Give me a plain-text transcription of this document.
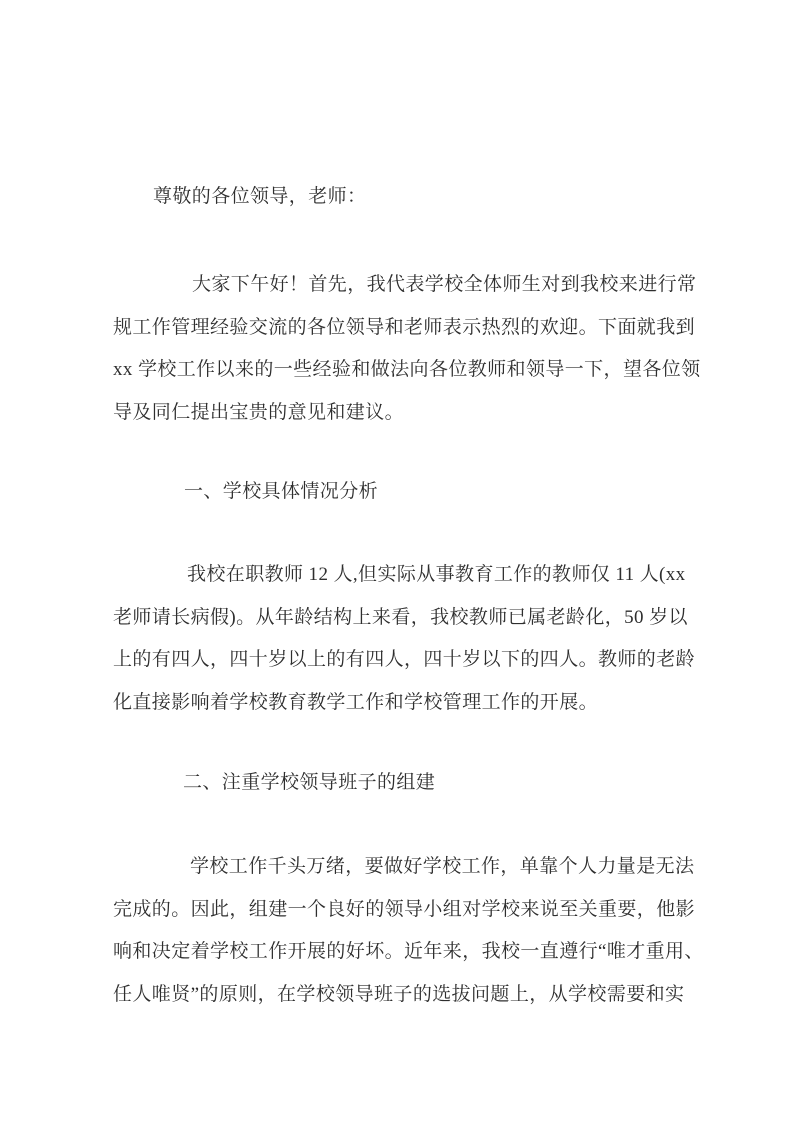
尊敬的各位领导，老师：
大家下午好！首先，我代表学校全体师生对到我校来进行常
规工作管理经验交流的各位领导和老师表示热烈的欢迎。下面就我到
xx 学校工作以来的一些经验和做法向各位教师和领导一下，望各位领
导及同仁提出宝贵的意见和建议。
一、学校具体情况分析
我校在职教师 12 人,但实际从事教育工作的教师仅 11 人(xx
老师请长病假)。从年龄结构上来看，我校教师已属老龄化，50 岁以
上的有四人，四十岁以上的有四人，四十岁以下的四人。教师的老龄
化直接影响着学校教育教学工作和学校管理工作的开展。
二、注重学校领导班子的组建
学校工作千头万绪，要做好学校工作，单靠个人力量是无法
完成的。因此，组建一个良好的领导小组对学校来说至关重要，他影
响和决定着学校工作开展的好坏。近年来，我校一直遵行“唯才重用、
任人唯贤”的原则，在学校领导班子的选拔问题上，从学校需要和实
